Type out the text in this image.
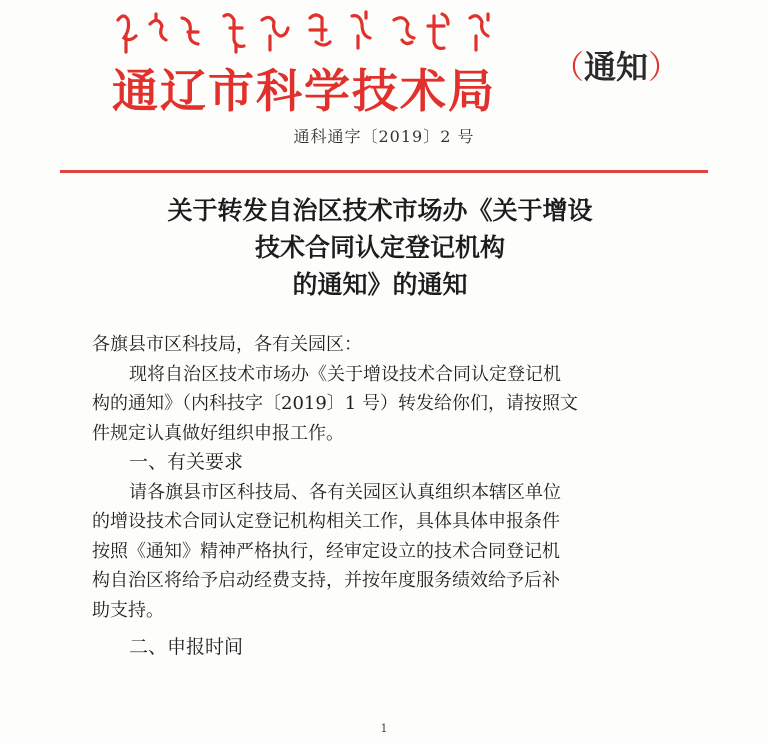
通辽市科学技术局 （通知）
通科通字〔2019〕2 号
关于转发自治区技术市场办《关于增设
技术合同认定登记机构
的通知》的通知
各旗县市区科技局，各有关园区：
现将自治区技术市场办《关于增设技术合同认定登记机
构的通知》（内科技字〔2019〕1 号）转发给你们，请按照文
件规定认真做好组织申报工作。
一、有关要求
请各旗县市区科技局、各有关园区认真组织本辖区单位
的增设技术合同认定登记机构相关工作，具体具体申报条件
按照《通知》精神严格执行，经审定设立的技术合同登记机
构自治区将给予启动经费支持，并按年度服务绩效给予后补
助支持。
二、申报时间
1
